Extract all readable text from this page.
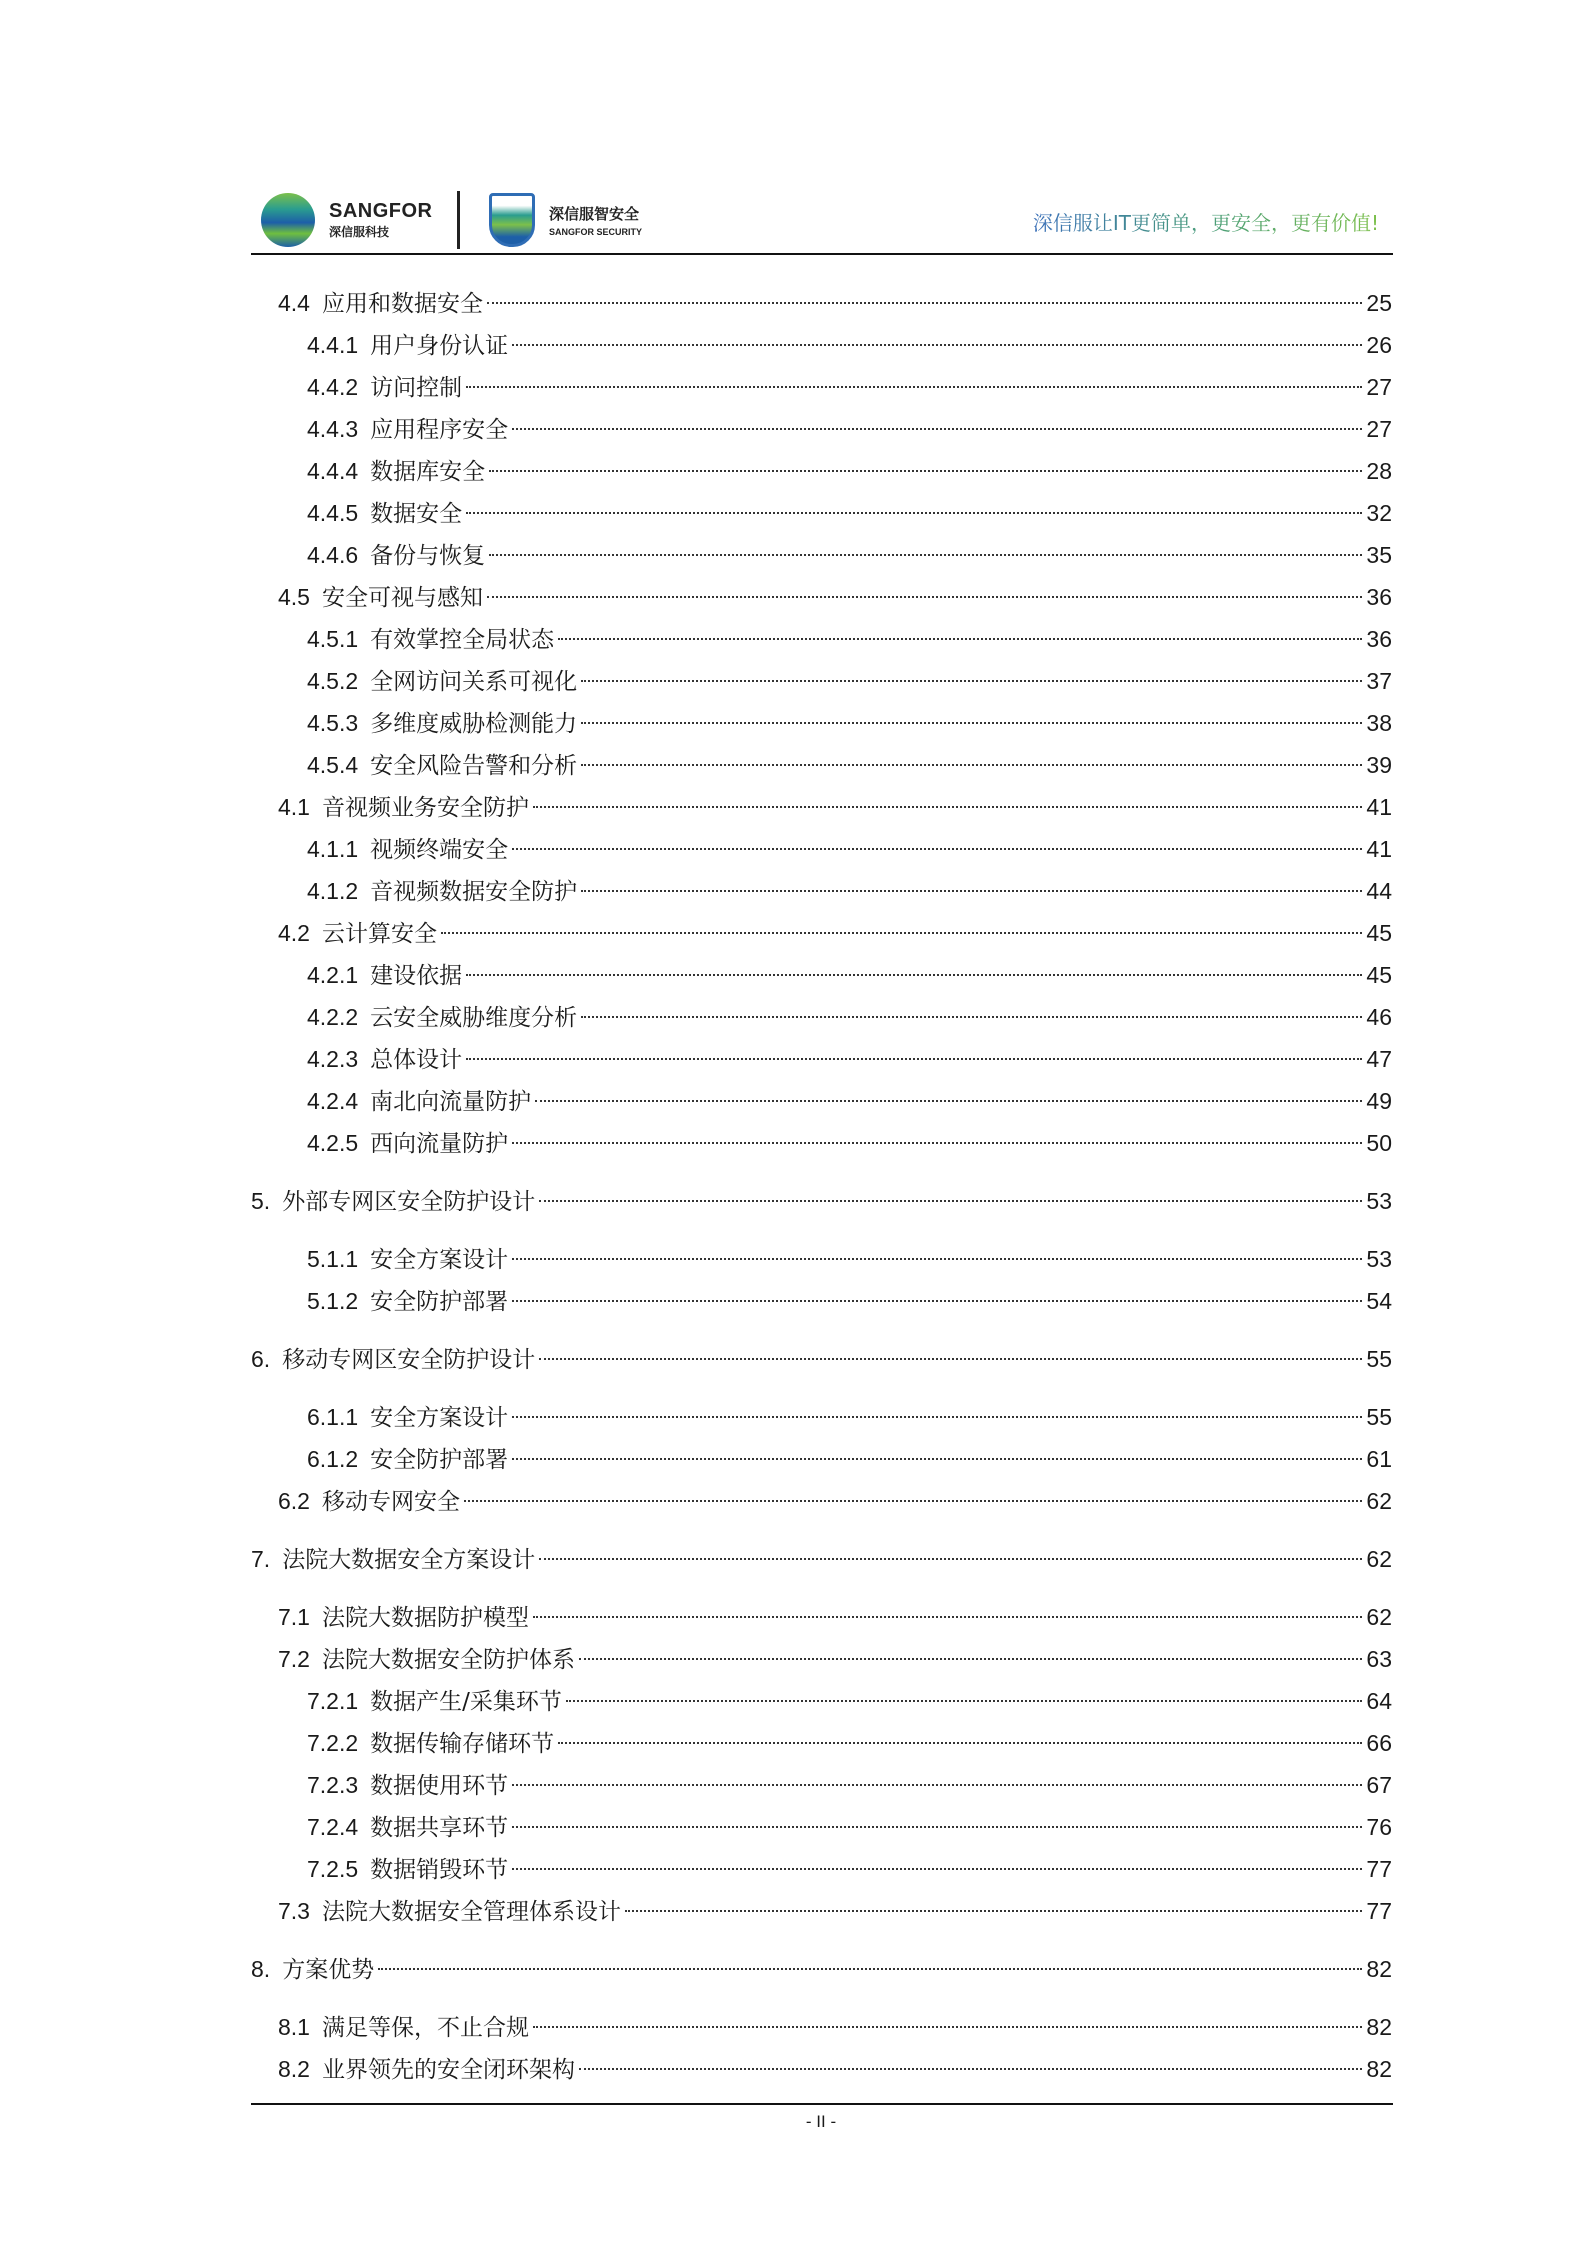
SANGFOR
深信服科技
深信服智安全
SANGFOR SECURITY	深信服让IT更简单，更安全，更有价值!
4.4 应用和数据安全	25
4.4.1 用户身份认证	26
4.4.2 访问控制	27
4.4.3 应用程序安全	27
4.4.4 数据库安全	28
4.4.5 数据安全	32
4.4.6 备份与恢复	35
4.5 安全可视与感知	36
4.5.1 有效掌控全局状态	36
4.5.2 全网访问关系可视化	37
4.5.3 多维度威胁检测能力	38
4.5.4 安全风险告警和分析	39
4.1 音视频业务安全防护	41
4.1.1 视频终端安全	41
4.1.2 音视频数据安全防护	44
4.2 云计算安全	45
4.2.1 建设依据	45
4.2.2 云安全威胁维度分析	46
4.2.3 总体设计	47
4.2.4 南北向流量防护	49
4.2.5 西向流量防护	50
5. 外部专网区安全防护设计	53
5.1.1 安全方案设计	53
5.1.2 安全防护部署	54
6. 移动专网区安全防护设计	55
6.1.1 安全方案设计	55
6.1.2 安全防护部署	61
6.2 移动专网安全	62
7. 法院大数据安全方案设计	62
7.1 法院大数据防护模型	62
7.2 法院大数据安全防护体系	63
7.2.1 数据产生/采集环节	64
7.2.2 数据传输存储环节	66
7.2.3 数据使用环节	67
7.2.4 数据共享环节	76
7.2.5 数据销毁环节	77
7.3 法院大数据安全管理体系设计	77
8. 方案优势	82
8.1 满足等保，不止合规	82
8.2 业界领先的安全闭环架构	82
- II -
